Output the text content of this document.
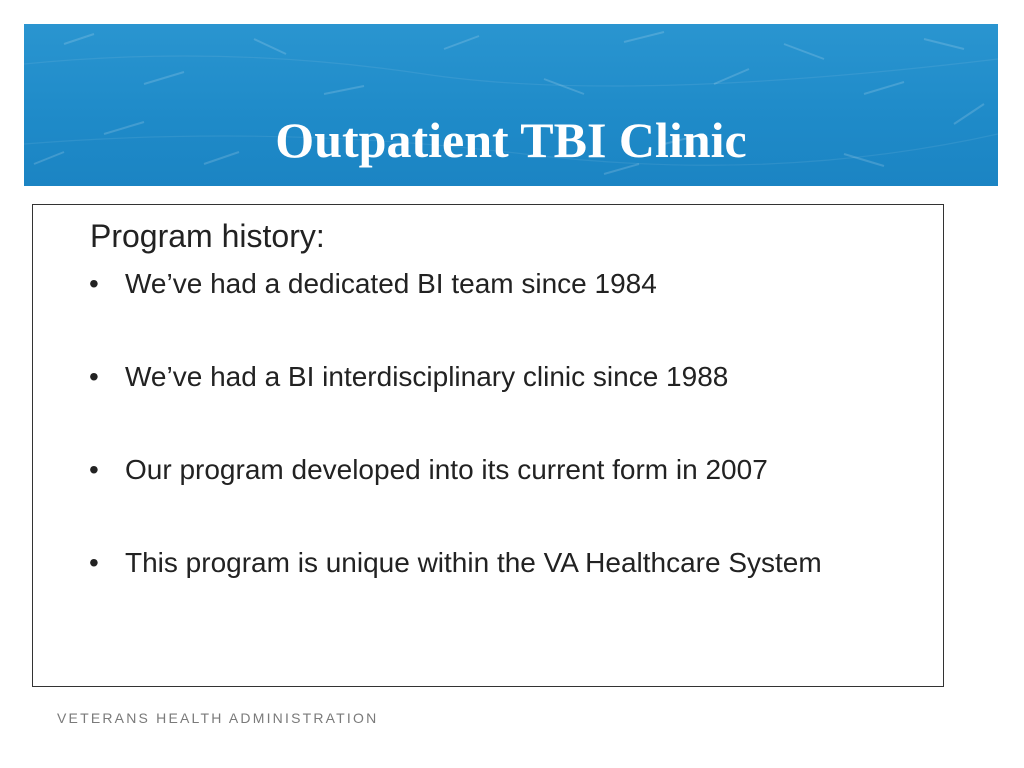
Outpatient TBI Clinic
Program history:
• We’ve had a dedicated BI team since 1984
• We’ve had a BI interdisciplinary clinic since 1988
• Our program developed into its current form in 2007
• This program is unique within the VA Healthcare System
VETERANS HEALTH ADMINISTRATION
